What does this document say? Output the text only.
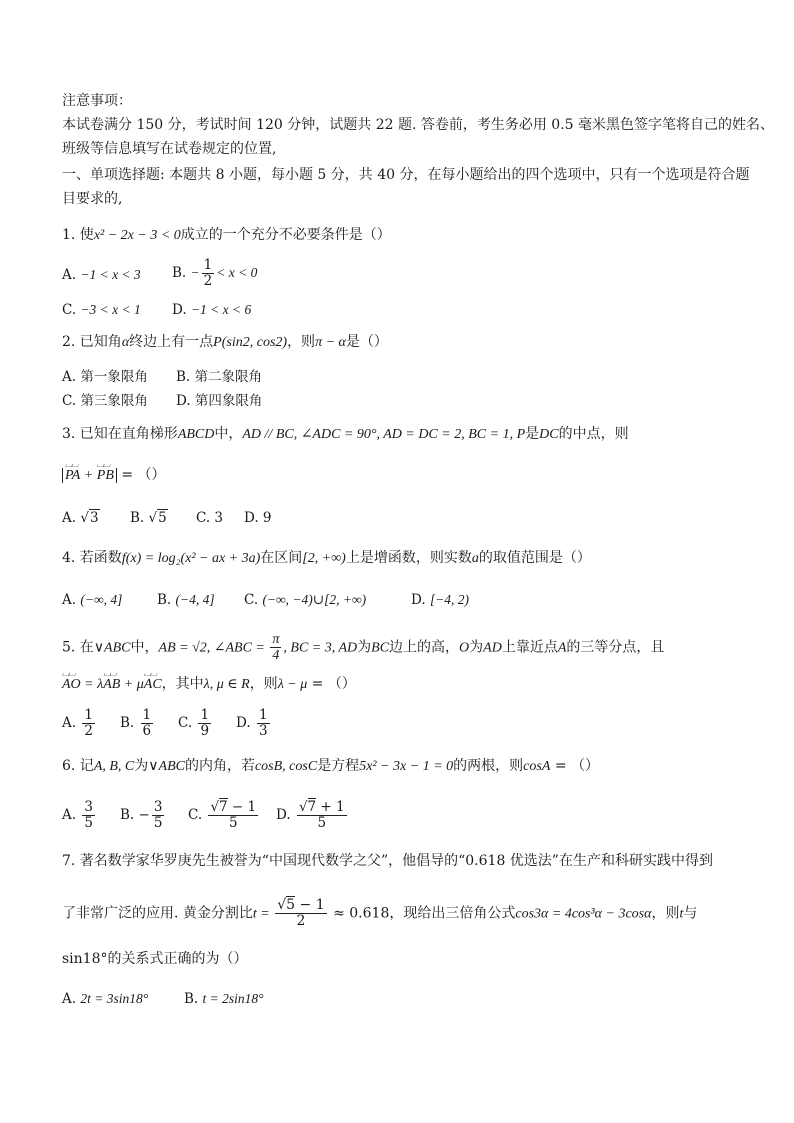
注意事项：
本试卷满分 150 分，考试时间 120 分钟，试题共 22 题. 答卷前，考生务必用 0.5 毫米黑色签字笔将自己的姓名、
班级等信息填写在试卷规定的位置,
一、单项选择题: 本题共 8 小题，每小题 5 分，共 40 分，在每小题给出的四个选项中，只有一个选项是符合题
目要求的,
1. 使x² − 2x − 3 < 0成立的一个充分不必要条件是（）
A. −1 < x < 3 B. − $\frac{1}{2} < x < 0$
C. −3 < x < 1 D. −1 < x < 6
2. 已知角α终边上有一点P(sin2, cos2)，则π − α是（）
A. 第一象限角 B. 第二象限角
C. 第三象限角 D. 第四象限角
3. 已知在直角梯形ABCD中，AD // BC, ∠ADC = 90°, AD = DC = 2, BC = 1, P是DC的中点，则
⌴⌴ PA + ⌴⌴ PB = （）
A. √3 B. √5 C. 3 D. 9
4. 若函数f(x) = log₂(x² − ax + 3a)在区间[2, +∞)上是增函数，则实数a的取值范围是（）
A. (−∞, 4]	B. (−4, 4] C. (−∞, −4)∪[2, +∞)	D. [−4, 2)
5. 在∨ABC中，AB = √2, ∠ABC = $\frac{\pi}{4}$ , BC = 3, AD为BC边上的高，O为AD上靠近点A的三等分点，且
⌴⌴ AO = λ⌴⌴ AB + μ⌴⌴ AC，其中λ, μ ∈ R，则λ − μ = （）
A. $\frac{1}{2} B$. $\frac{1}{6} C$. $\frac{1}{9} D$. $\frac{1}{3}$
6. 记A, B, C为∨ABC的内角，若cosB, cosC是方程5x² − 3x − 1 = 0的两根，则cosA = （）
A. $\frac{3}{5} B$. − $\frac{3}{5} C$. $\frac{√7 - 1}{5} D$. $\frac{√7 + 1}{5}$
7. 著名数学家华罗庚先生被誉为“中国现代数学之父”，他倡导的“0.618 优选法”在生产和科研实践中得到
了非常广泛的应用. 黄金分割比$t = \frac{√5 - 1}{2} \approx 0.618$，现给出三倍角公式cos3α = 4cos³α − 3cosα，则t与
sin18°的关系式正确的为（）
A. 2t = 3sin18°	B. t = 2sin18°
